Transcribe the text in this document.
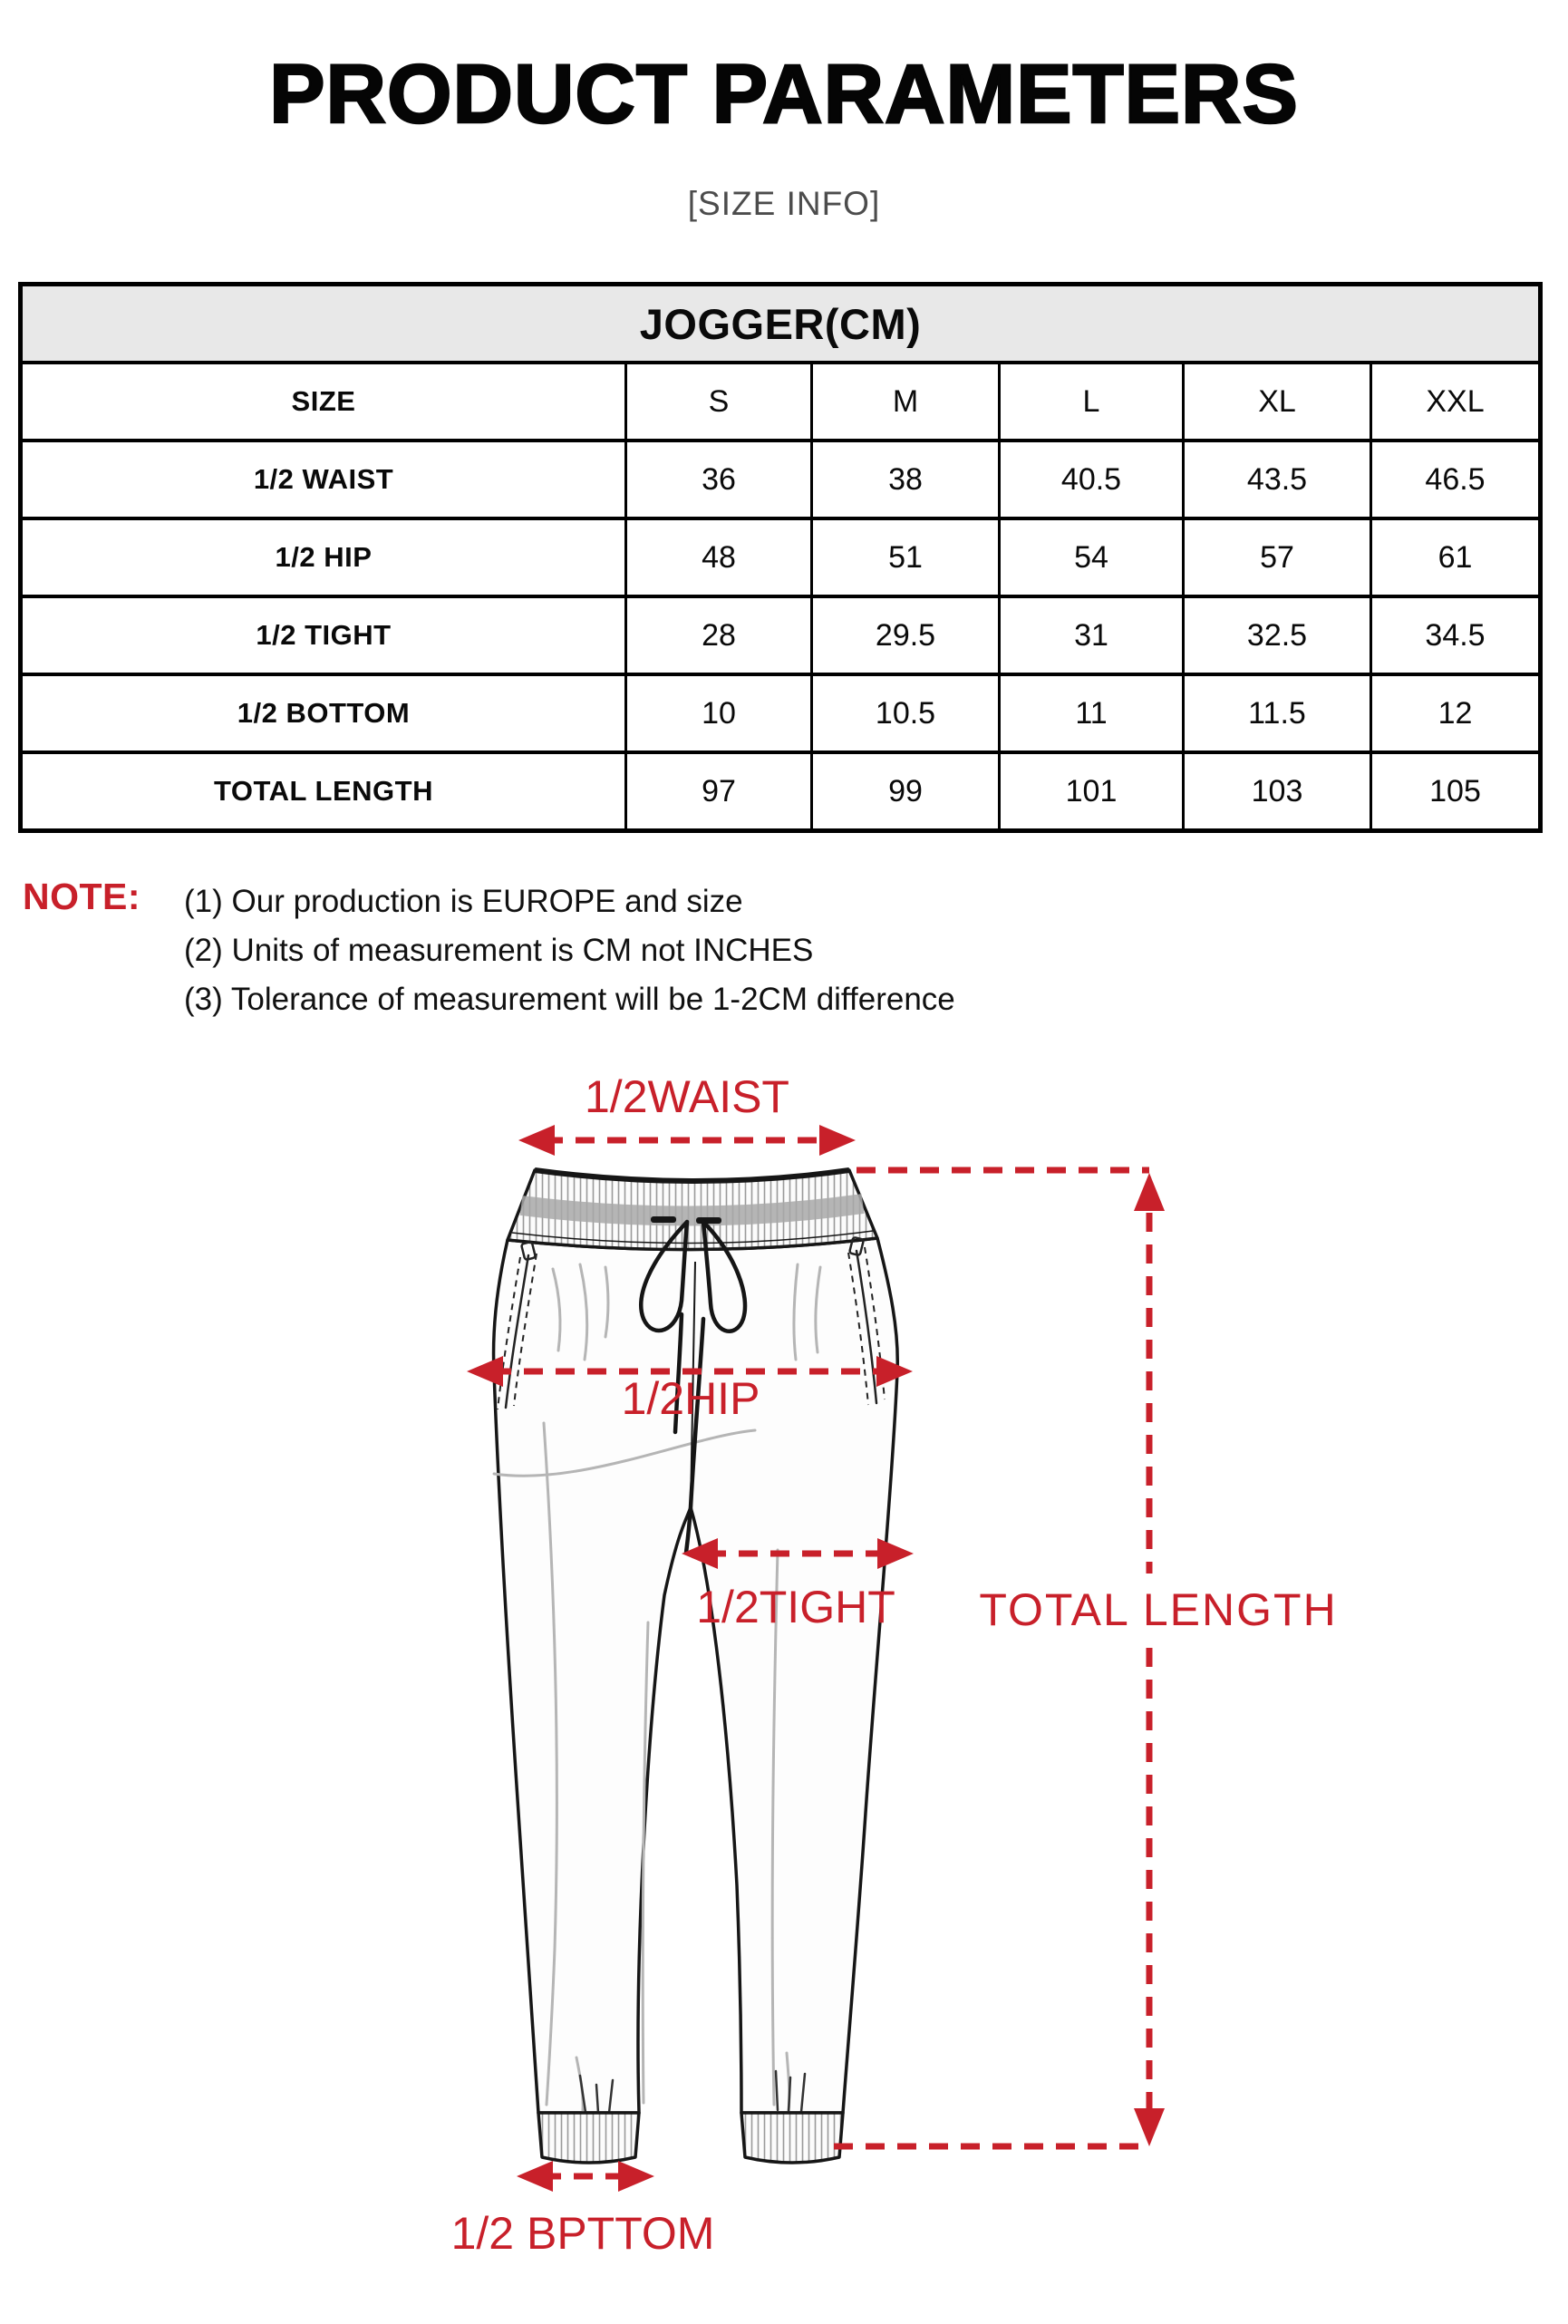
PRODUCT PARAMETERS
[SIZE INFO]
JOGGER(CM)					
SIZE	S	M	L	XL	XXL
1/2 WAIST	36	38	40.5	43.5	46.5
1/2 HIP	48	51	54	57	61
1/2 TIGHT	28	29.5	31	32.5	34.5
1/2 BOTTOM	10	10.5	11	11.5	12
TOTAL LENGTH	97	99	101	103	105
NOTE: (1) Our production is EUROPE and size
(2) Units of measurement is CM not INCHES
(3) Tolerance of measurement will be 1-2CM difference
1/2WAIST
TOTAL LENGTH
1/2HIP
1/2TIGHT
1/2 BPTTOM
